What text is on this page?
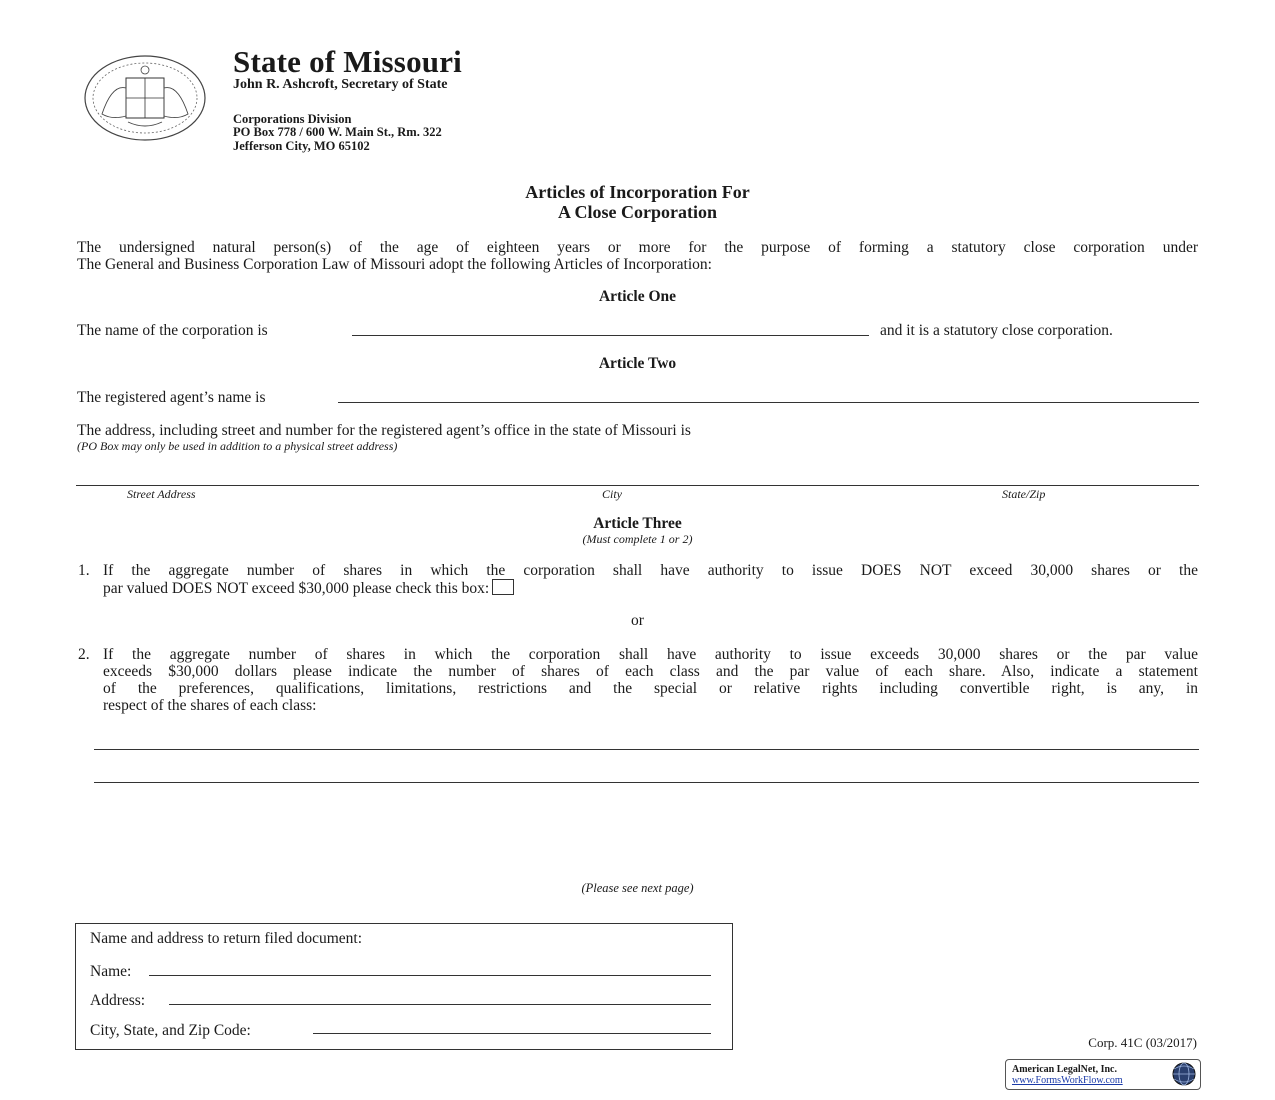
State of Missouri
John R. Ashcroft, Secretary of State
Corporations Division
PO Box 778 / 600 W. Main St., Rm. 322
Jefferson City, MO 65102
Articles of Incorporation For
A Close Corporation
The undersigned natural person(s) of the age of eighteen years or more for the purpose of forming a statutory close corporation under
The General and Business Corporation Law of Missouri adopt the following Articles of Incorporation:
Article One
The name of the corporation is	and it is a statutory close corporation.
Article Two
The registered agent’s name is
The address, including street and number for the registered agent’s office in the state of Missouri is
(PO Box may only be used in addition to a physical street address)
Street Address	City	State/Zip
Article Three
(Must complete 1 or 2)
1. If the aggregate number of shares in which the corporation shall have authority to issue DOES NOT exceed 30,000 shares or the
par valued DOES NOT exceed $30,000 please check this box:
or
2. If the aggregate number of shares in which the corporation shall have authority to issue exceeds 30,000 shares or the par value
exceeds $30,000 dollars please indicate the number of shares of each class and the par value of each share. Also, indicate a statement
of the preferences, qualifications, limitations, restrictions and the special or relative rights including convertible right, is any, in
respect of the shares of each class:
(Please see next page)
Name and address to return filed document:
Name:
Address:
City, State, and Zip Code:
Corp. 41C (03/2017)
American LegalNet, Inc.
www.FormsWorkFlow.com
